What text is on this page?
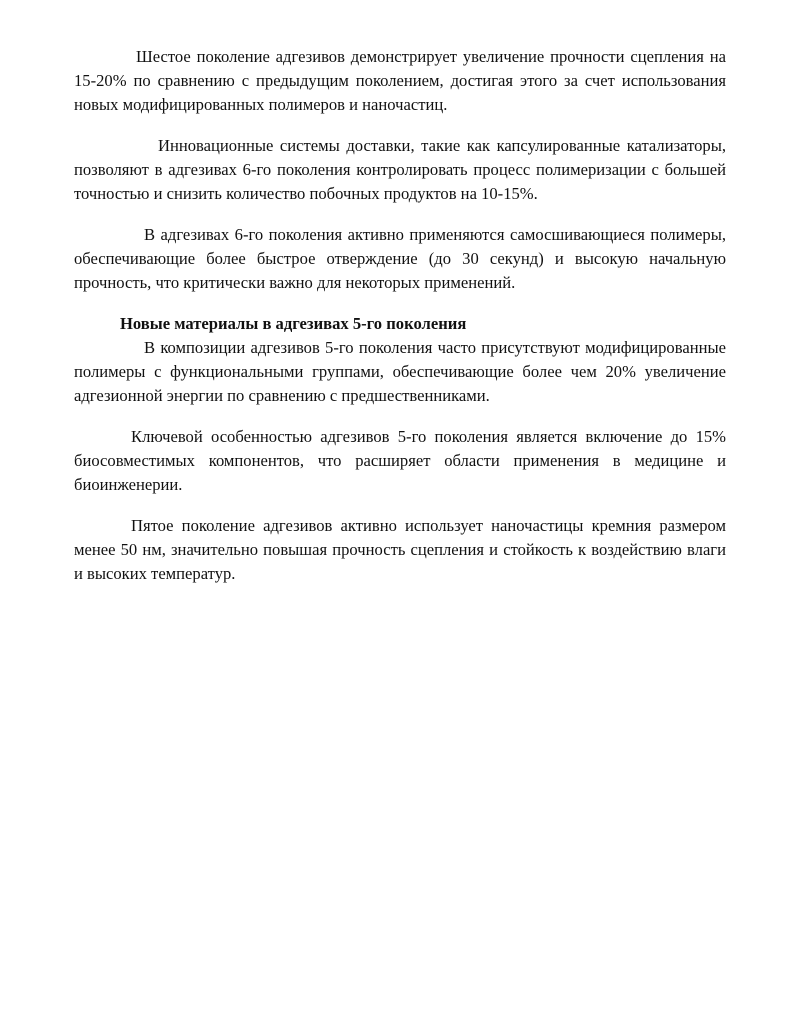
Шестое поколение адгезивов демонстрирует увеличение прочности сцепления на 15-20% по сравнению с предыдущим поколением, достигая этого за счет использования новых модифицированных полимеров и наночастиц.

Инновационные системы доставки, такие как капсулированные катализаторы, позволяют в адгезивах 6-го поколения контролировать процесс полимеризации с большей точностью и снизить количество побочных продуктов на 10-15%.

В адгезивах 6-го поколения активно применяются самосшивающиеся полимеры, обеспечивающие более быстрое отверждение (до 30 секунд) и высокую начальную прочность, что критически важно для некоторых применений.

Новые материалы в адгезивах 5-го поколения

В композиции адгезивов 5-го поколения часто присутствуют модифицированные полимеры с функциональными группами, обеспечивающие более чем 20% увеличение адгезионной энергии по сравнению с предшественниками.

Ключевой особенностью адгезивов 5-го поколения является включение до 15% биосовместимых компонентов, что расширяет области применения в медицине и биоинженерии.

Пятое поколение адгезивов активно использует наночастицы кремния размером менее 50 нм, значительно повышая прочность сцепления и стойкость к воздействию влаги и высоких температур.
